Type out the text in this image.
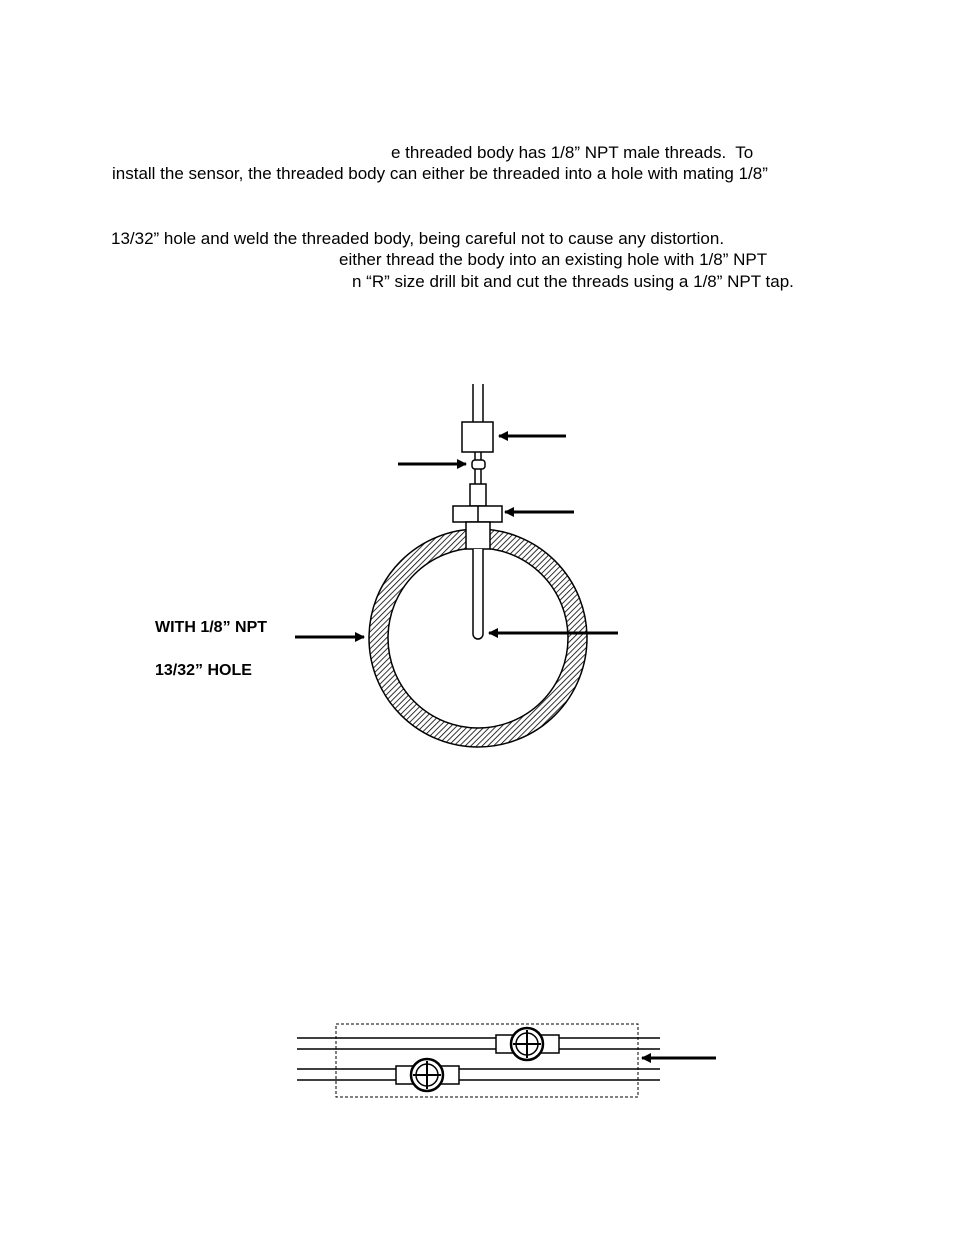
e threaded body has 1/8” NPT male threads.  To
install the sensor, the threaded body can either be threaded into a hole with mating 1/8”
13/32” hole and weld the threaded body, being careful not to cause any distortion.
either thread the body into an existing hole with 1/8” NPT
n “R” size drill bit and cut the threads using a 1/8” NPT tap.
WITH 1/8” NPT
13/32” HOLE
